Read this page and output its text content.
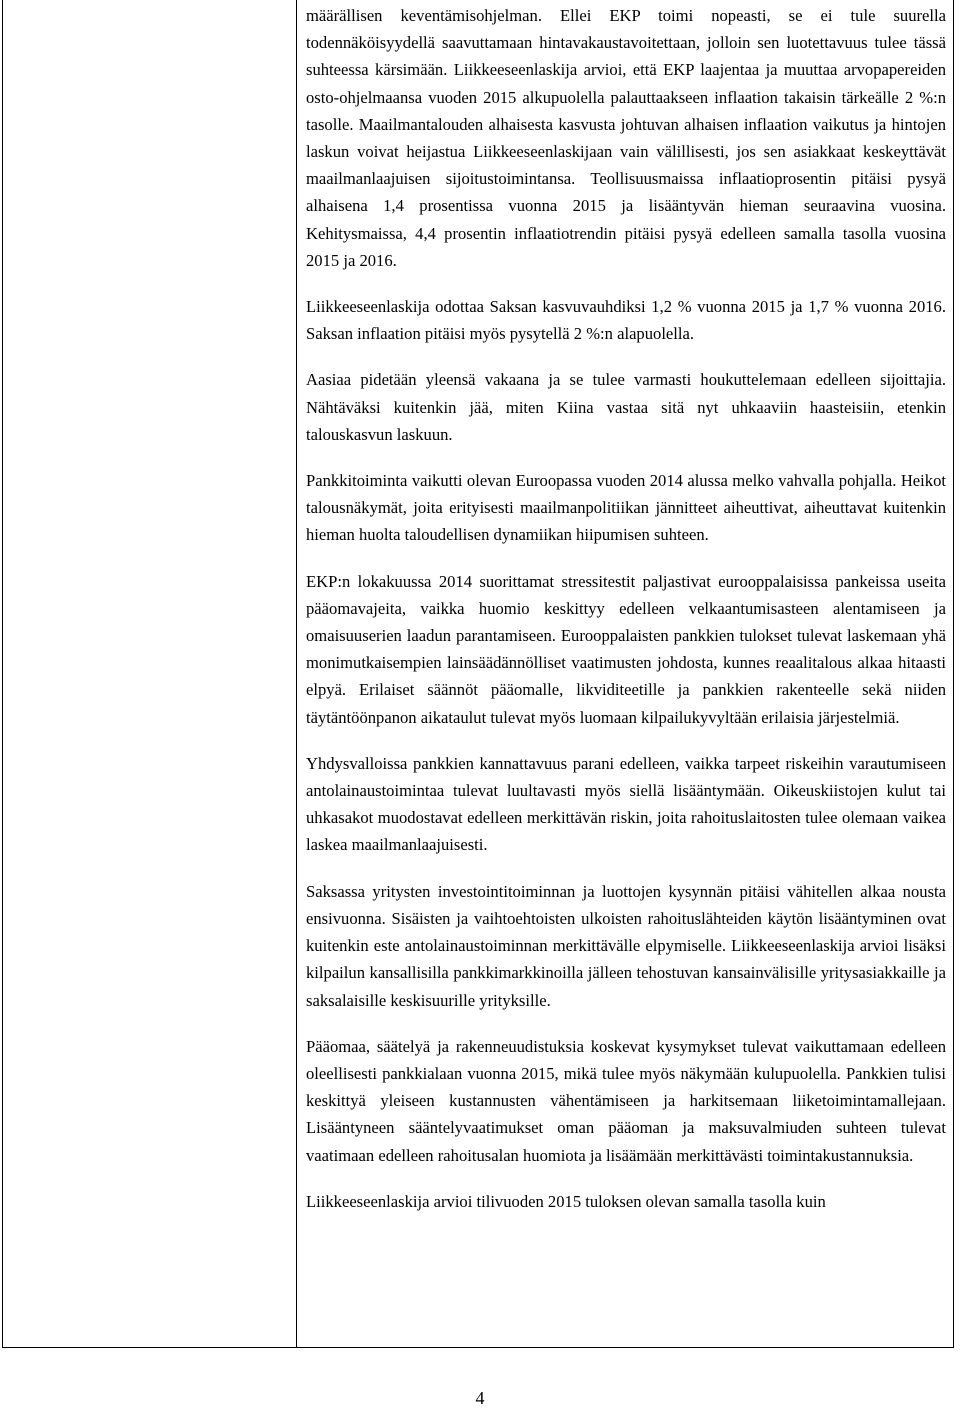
määrällisen keventämisohjelman. Ellei EKP toimi nopeasti, se ei tule suurella todennäköisyydellä saavuttamaan hintavakaustavoitettaan, jolloin sen luotettavuus tulee tässä suhteessa kärsimään. Liikkeeseenlaskija arvioi, että EKP laajentaa ja muuttaa arvopapereiden osto-ohjelmaansa vuoden 2015 alkupuolella palauttaakseen inflaation takaisin tärkeälle 2 %:n tasolle. Maailmantalouden alhaisesta kasvusta johtuvan alhaisen inflaation vaikutus ja hintojen laskun voivat heijastua Liikkeeseenlaskijaan vain välillisesti, jos sen asiakkaat keskeyttävät maailmanlaajuisen sijoitustoimintansa. Teollisuusmaissa inflaatioprosentin pitäisi pysyä alhaisena 1,4 prosentissa vuonna 2015 ja lisääntyvän hieman seuraavina vuosina. Kehitysmaissa, 4,4 prosentin inflaatiotrendin pitäisi pysyä edelleen samalla tasolla vuosina 2015 ja 2016.

Liikkeeseenlaskija odottaa Saksan kasvuvauhdiksi 1,2 % vuonna 2015 ja 1,7 % vuonna 2016. Saksan inflaation pitäisi myös pysytellä 2 %:n alapuolella.

Aasiaa pidetään yleensä vakaana ja se tulee varmasti houkuttelemaan edelleen sijoittajia. Nähtäväksi kuitenkin jää, miten Kiina vastaa sitä nyt uhkaaviin haasteisiin, etenkin talouskasvun laskuun.

Pankkitoiminta vaikutti olevan Euroopassa vuoden 2014 alussa melko vahvalla pohjalla. Heikot talousnäkymät, joita erityisesti maailmanpolitiikan jännitteet aiheuttivat, aiheuttavat kuitenkin hieman huolta taloudellisen dynamiikan hiipumisen suhteen.

EKP:n lokakuussa 2014 suorittamat stressitestit paljastivat eurooppalaisissa pankeissa useita pääomavajeita, vaikka huomio keskittyy edelleen velkaantumisasteen alentamiseen ja omaisuuserien laadun parantamiseen. Eurooppalaisten pankkien tulokset tulevat laskemaan yhä monimutkaisempien lainsäädännölliset vaatimusten johdosta, kunnes reaalitalous alkaa hitaasti elpyä. Erilaiset säännöt pääomalle, likviditeetille ja pankkien rakenteelle sekä niiden täytäntöönpanon aikataulut tulevat myös luomaan kilpailukyvyltään erilaisia järjestelmiä.

Yhdysvalloissa pankkien kannattavuus parani edelleen, vaikka tarpeet riskeihin varautumiseen antolainaustoimintaa tulevat luultavasti myös siellä lisääntymään. Oikeuskiistojen kulut tai uhkasakot muodostavat edelleen merkittävän riskin, joita rahoituslaitosten tulee olemaan vaikea laskea maailmanlaajuisesti.

Saksassa yritysten investointitoiminnan ja luottojen kysynnän pitäisi vähitellen alkaa nousta ensivuonna. Sisäisten ja vaihtoehtoisten ulkoisten rahoituslähteiden käytön lisääntyminen ovat kuitenkin este antolainaustoiminnan merkittävälle elpymiselle. Liikkeeseenlaskija arvioi lisäksi kilpailun kansallisilla pankkimarkkinoilla jälleen tehostuvan kansainvälisille yritysasiakkaille ja saksalaisille keskisuurille yrityksille.

Pääomaa, säätelyä ja rakenneuudistuksia koskevat kysymykset tulevat vaikuttamaan edelleen oleellisesti pankkialaan vuonna 2015, mikä tulee myös näkymään kulupuolella. Pankkien tulisi keskittyä yleiseen kustannusten vähentämiseen ja harkitsemaan liiketoimintamallejaan. Lisääntyneen sääntelyvaatimukset oman pääoman ja maksuvalmiuden suhteen tulevat vaatimaan edelleen rahoitusalan huomiota ja lisäämään merkittävästi toimintakustannuksia.

Liikkeeseenlaskija arvioi tilivuoden 2015 tuloksen olevan samalla tasolla kuin

4
